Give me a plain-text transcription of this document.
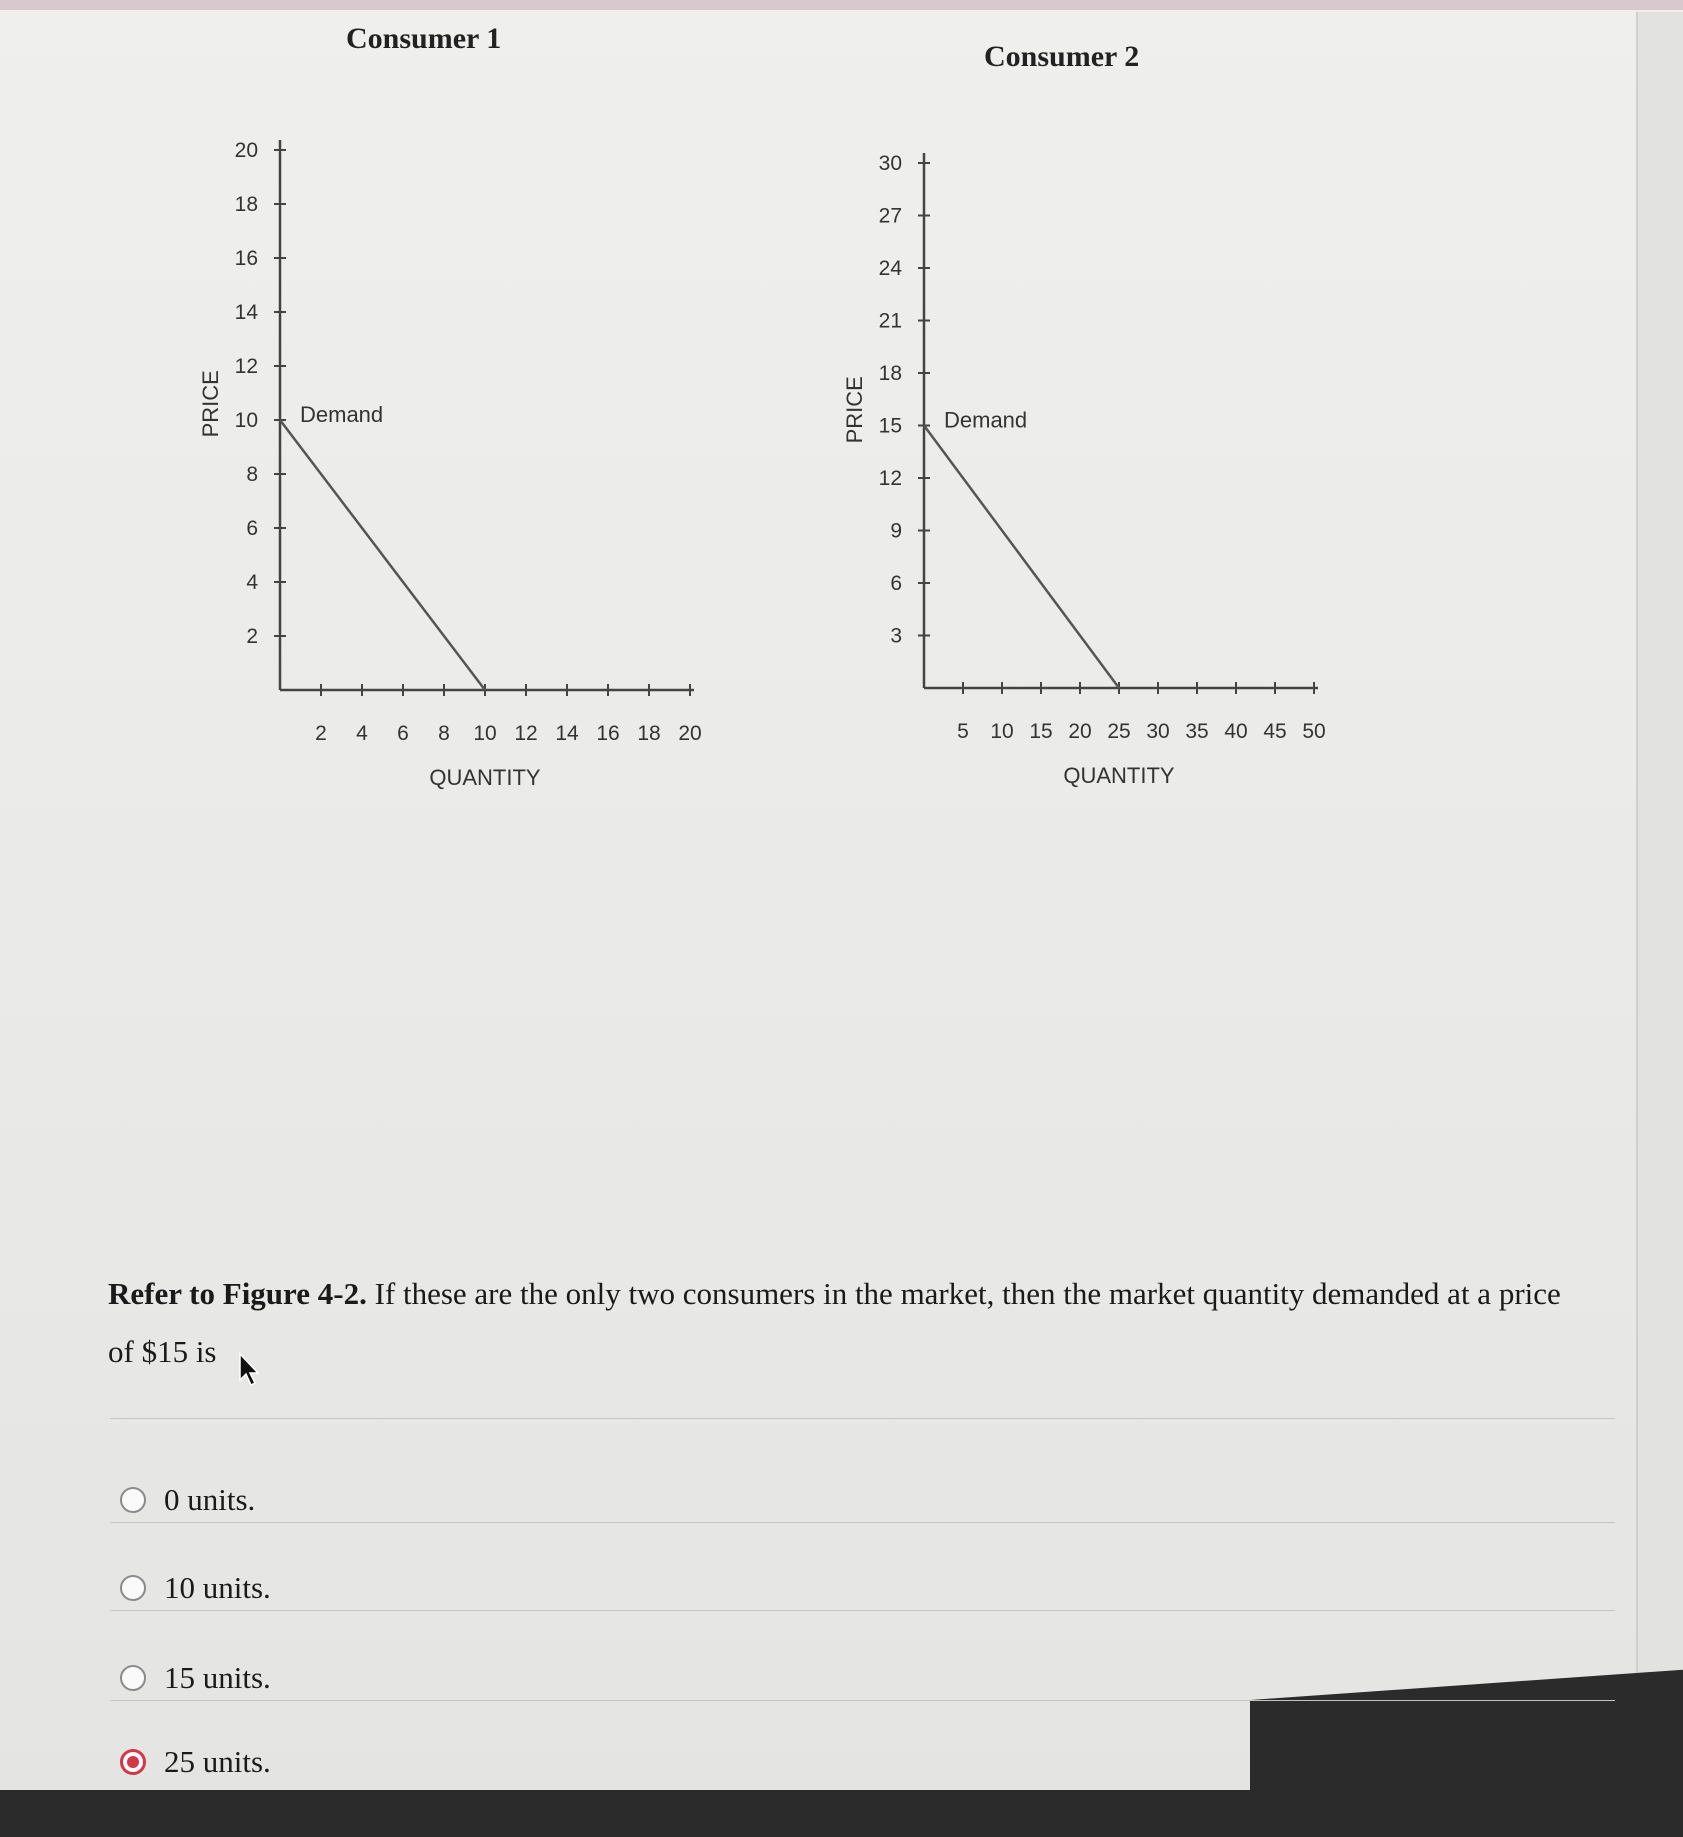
Consumer 1
Consumer 2
20
18
16
14
12
10
8
6
4
2
2 4 6 8 10 12 14 16 18 20
QUANTITY
PRICE	Demand
30
27
24
21
18
15
12
9
6
3
5 10 15 20 25 30 35 40 45 50
QUANTITY
PRICE	Demand
Refer to Figure 4-2. If these are the only two consumers in the market, then the market quantity demanded at a price of $15 is
0 units.
10 units.
15 units.
25 units.
